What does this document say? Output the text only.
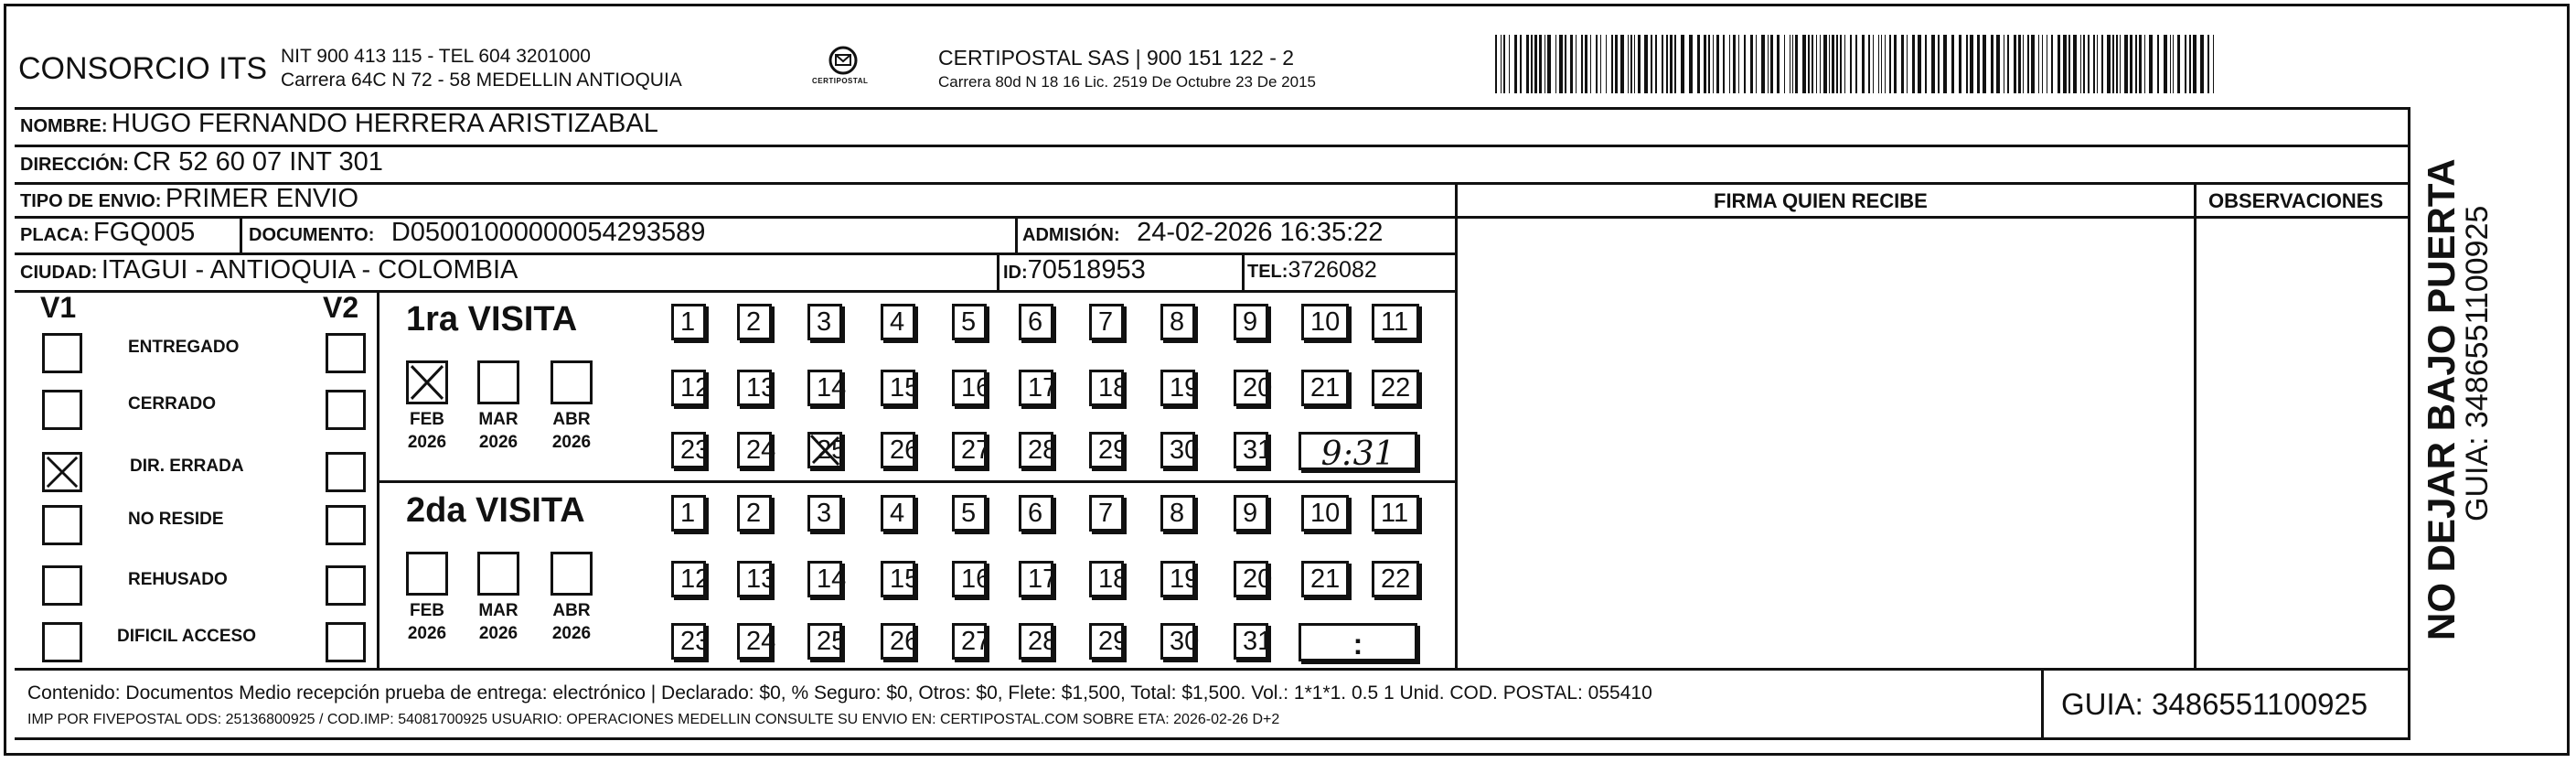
CONSORCIO ITS NIT 900 413 115 - TEL 604 3201000
Carrera 64C N 72 - 58 MEDELLIN ANTIOQUIA	CERTIPOSTAL
CERTIPOSTAL SAS | 900 151 122 - 2
Carrera 80d N 18 16 Lic. 2519 De Octubre 23 De 2015
NOMBRE: HUGO FERNANDO HERRERA ARISTIZABAL
DIRECCIÓN: CR 52 60 07 INT 301
TIPO DE ENVIO: PRIMER ENVIO	FIRMA QUIEN RECIBE	OBSERVACIONES
PLACA: FGQ005	DOCUMENTO: D05001000000054293589	ADMISIÓN: 24-02-2026 16:35:22
CIUDAD: ITAGUI - ANTIOQUIA - COLOMBIA	ID:70518953	TEL:3726082
V1	V2
ENTREGADO
CERRADO
DIR. ERRADA
NO RESIDE
REHUSADO
DIFICIL ACCESO
1ra VISITA
FEB
2026
MAR
2026
ABR
2026
1	2	3	4	5	6	7	8	9	10	11
12	13	14	15	16	17	18	19	20	21	22
23	24	25	26	27	28	29	30	31	9:31
2da VISITA
FEB
2026
MAR
2026
ABR
2026
1	2	3	4	5	6	7	8	9	10	11
12	13	14	15	16	17	18	19	20	21	22
23	24	25	26	27	28	29	30	31	:
Contenido: Documentos Medio recepción prueba de entrega: electrónico | Declarado: $0, % Seguro: $0, Otros: $0, Flete: $1,500, Total: $1,500. Vol.: 1*1*1. 0.5 1 Unid. COD. POSTAL: 055410
IMP POR FIVEPOSTAL ODS: 25136800925 / COD.IMP: 54081700925 USUARIO: OPERACIONES MEDELLIN CONSULTE SU ENVIO EN: CERTIPOSTAL.COM SOBRE ETA: 2026-02-26 D+2	GUIA: 3486551100925
NO DEJAR BAJO PUERTA
GUIA: 3486551100925
